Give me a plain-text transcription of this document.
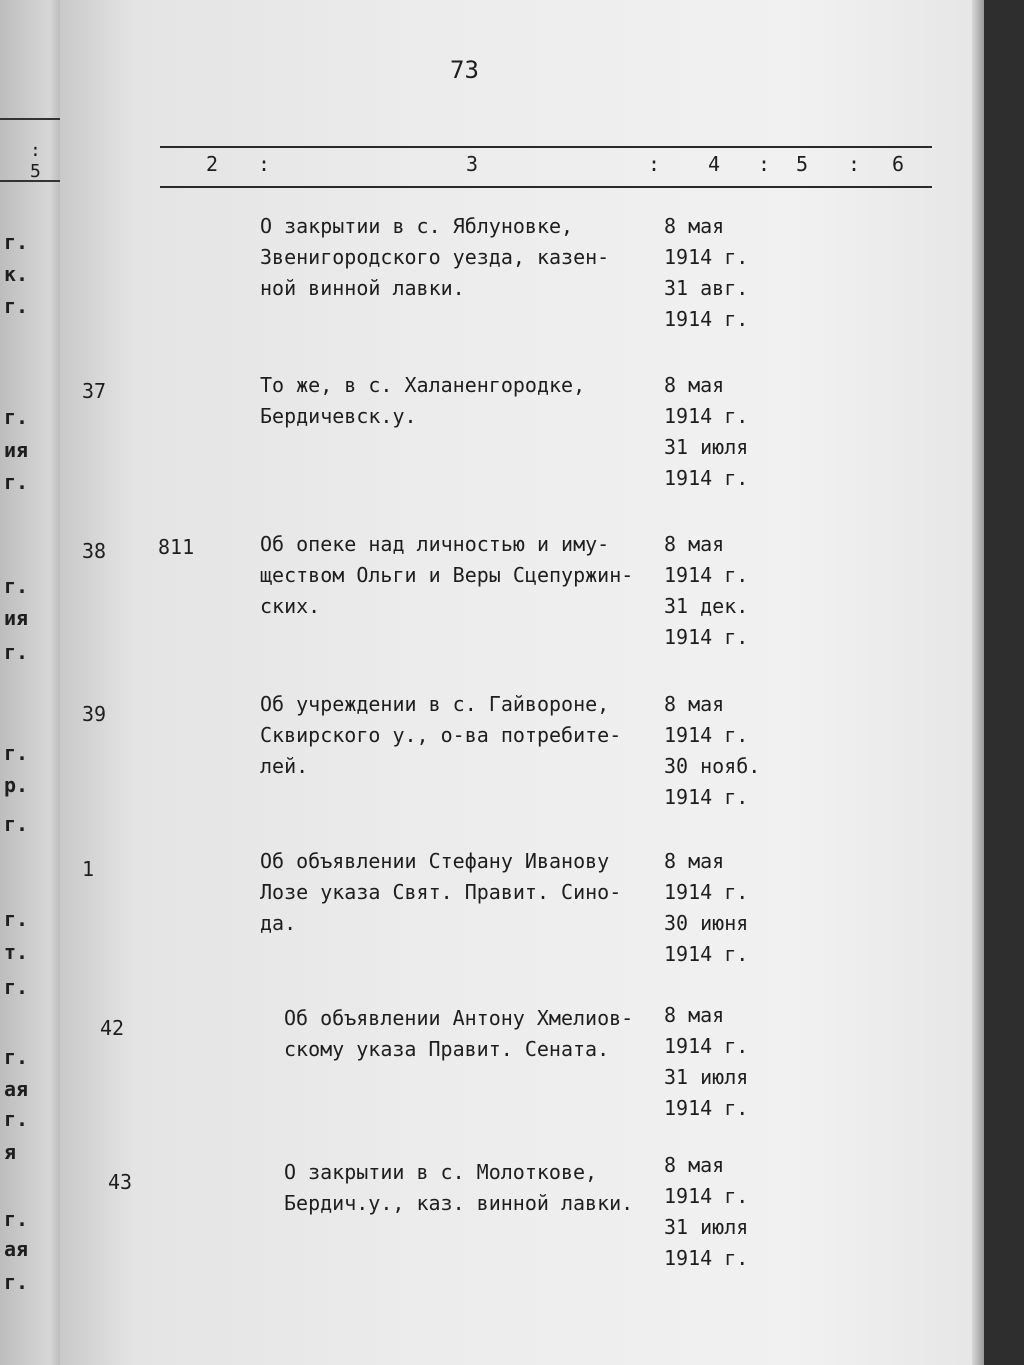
: 5
г.
к.
г.
г.
ия
г.
г.
ия
г.
г.
р.
г.
г.
т.
г.
г.
ая
г.
я
г.
ая
г.
73
2 :	3	: 4 : 5 : 6
О закрытии в с. Яблуновке,
Звенигородского уезда, казен-
ной винной лавки.
8 мая
1914 г.
31 авг.
1914 г.
37	То же, в с. Халаненгородке,
Бердичевск.у.
8 мая
1914 г.
31 июля
1914 г.
38	811	Об опеке над личностью и иму-
ществом Ольги и Веры Сцепуржин-
ских.
8 мая
1914 г.
31 дек.
1914 г.
39	Об учреждении в с. Гайвороне,
Сквирского у., о-ва потребите-
лей.
8 мая
1914 г.
30 нояб.
1914 г.
1	Об объявлении Стефану Иванову
Лозе указа Свят. Правит. Сино-
да.
8 мая
1914 г.
30 июня
1914 г.
42	Об объявлении Антону Хмелиов-
скому указа Правит. Сената.
8 мая
1914 г.
31 июля
1914 г.
43	О закрытии в с. Молоткове,
Бердич.у., каз. винной лавки.
8 мая
1914 г.
31 июля
1914 г.
